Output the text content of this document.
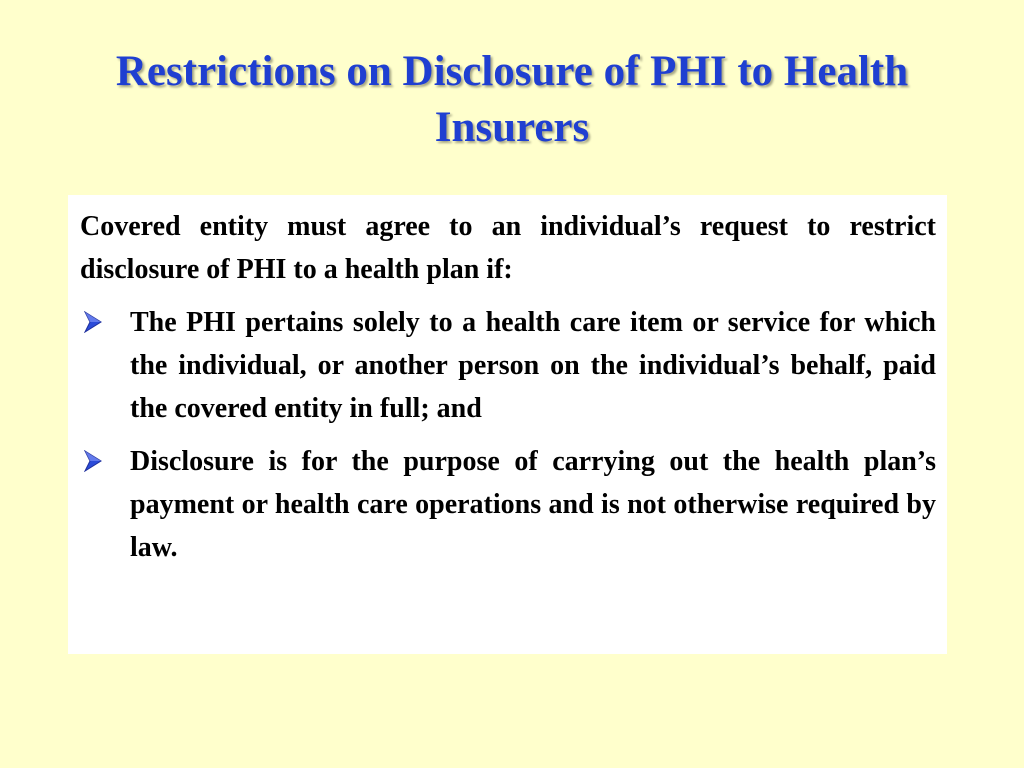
Restrictions on Disclosure of PHI to Health Insurers

Covered entity must agree to an individual’s request to restrict disclosure of PHI to a health plan if:

The PHI pertains solely to a health care item or service for which the individual, or another person on the individual’s behalf, paid the covered entity in full; and
Disclosure is for the purpose of carrying out the health plan’s payment or health care operations and is not otherwise required by law.
